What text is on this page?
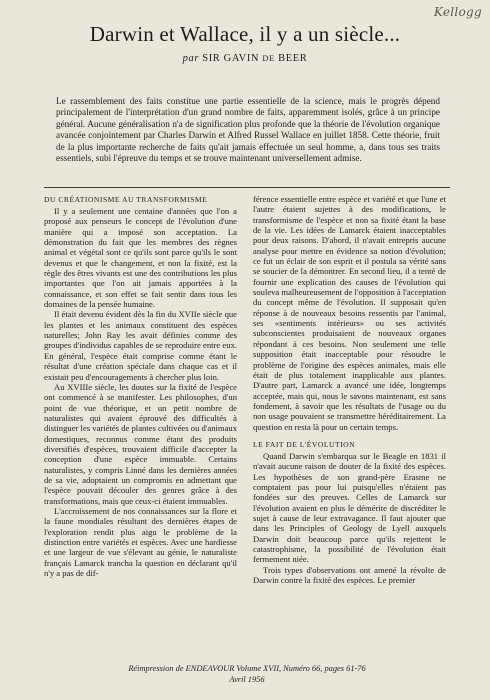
Kellogg
Darwin et Wallace, il y a un siècle...
par SIR GAVIN DE BEER
Le rassemblement des faits constitue une partie essentielle de la science, mais le progrès dépend principalement de l'interprétation d'un grand nombre de faits, apparemment isolés, grâce à un principe général. Aucune généralisation n'a de signification plus profonde que la théorie de l'évolution organique avancée conjointement par Charles Darwin et Alfred Russel Wallace en juillet 1858. Cette théorie, fruit de la plus importante recherche de faits qu'ait jamais effectuée un seul homme, a, dans tous ses traits essentiels, subi l'épreuve du temps et se trouve maintenant universellement admise.
DU CRÉATIONISME AU TRANSFORMISME

Il y a seulement une centaine d'années que l'on a proposé aux penseurs le concept de l'évolution d'une manière qui a imposé son acceptation. La démonstration du fait que les membres des règnes animal et végétal sont ce qu'ils sont parce qu'ils le sont devenus et que le changement, et non la fixité, est la règle des êtres vivants est une des contributions les plus importantes que l'on ait jamais apportées à la connaissance, et son effet se fait sentir dans tous les domaines de la pensée humaine.

Il était devenu évident dès la fin du XVIIe siècle que les plantes et les animaux constituent des espèces naturelles; John Ray les avait définies comme des groupes d'individus capables de se reproduire entre eux. En général, l'espèce était comprise comme étant le résultat d'une création spéciale dans chaque cas et il existait peu d'encouragements à chercher plus loin.

Au XVIIIe siècle, les doutes sur la fixité de l'espèce ont commencé à se manifester. Les philosophes, d'un point de vue théorique, et un petit nombre de naturalistes qui avaient éprouvé des difficultés à distinguer les variétés de plantes cultivées ou d'animaux domestiques, reconnus comme étant des produits diversifiés d'espèces, trouvaient difficile d'accepter la conception d'une espèce immuable. Certains naturalistes, y compris Linné dans les dernières années de sa vie, adoptaient un compromis en admettant que l'espèce pouvait découler des genres grâce à des transformations, mais que ceux-ci étaient immuables.

L'accroissement de nos connaissances sur la flore et la faune mondiales résultant des dernières étapes de l'exploration rendit plus aigu le problème de la distinction entre variétés et espèces. Avec une hardiesse et une largeur de vue s'élevant au génie, le naturaliste français Lamarck trancha la question en déclarant qu'il n'y a pas de dif-

férence essentielle entre espèce et variété et que l'une et l'autre étaient sujettes à des modifications, le transformisme de l'espèce et non sa fixité étant la base de la vie. Les idées de Lamarck étaient inacceptables pour deux raisons. D'abord, il n'avait entrepris aucune analyse pour mettre en évidence sa notion d'évolution; ce fut un éclair de son esprit et il postula sa vérité sans se soucier de la démontrer. En second lieu, il a tenté de fournir une explication des causes de l'évolution qui souleva malheureusement de l'opposition à l'acceptation du concept même de l'évolution. Il supposait qu'en réponse à de nouveaux besoins ressentis par l'animal, ses «sentiments intérieurs» ou ses activités subconscientes produisaient de nouveaux organes répondant à ces besoins. Non seulement une telle supposition était inacceptable pour résoudre le problème de l'origine des espèces animales, mais elle était de plus totalement inapplicable aux plantes. D'autre part, Lamarck a avancé une idée, longtemps acceptée, mais qui, nous le savons maintenant, est sans fondement, à savoir que les résultats de l'usage ou du non usage pouvaient se transmettre héréditairement. La question en resta là pour un certain temps.

LE FAIT DE L'ÉVOLUTION

Quand Darwin s'embarqua sur le Beagle en 1831 il n'avait aucune raison de douter de la fixité des espèces. Les hypothèses de son grand-père Erasme ne comptaient pas pour lui puisqu'elles n'étaient pas fondées sur des preuves. Celles de Lamarck sur l'évolution avaient en plus le démérite de discréditer le sujet à cause de leur extravagance. Il faut ajouter que dans les Principles of Geology de Lyell auxquels Darwin doit beaucoup parce qu'ils rejettent le catastrophisme, la possibilité de l'évolution était fermement niée.

Trois types d'observations ont amené la révolte de Darwin contre la fixité des espèces. Le premier

Réimpression de ENDEAVOUR Volume XVII, Numéro 66, pages 61-76
Avril 1956
